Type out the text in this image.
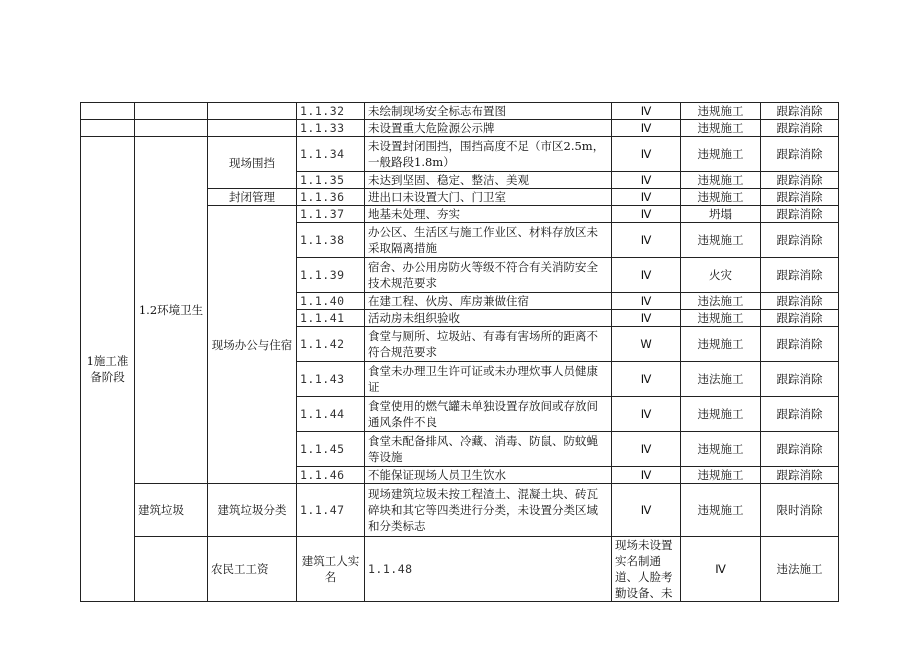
			1.1.32	未绘制现场安全标志布置图	Ⅳ	违规施工	跟踪消除	
			1.1.33	未设置重大危险源公示牌	Ⅳ	违规施工	跟踪消除	
1施工准备阶段	1.2环境卫生	现场围挡	1.1.34	未设置封闭围挡，围挡高度不足（市区2.5m，一般路段1.8m）	Ⅳ	违规施工	跟踪消除	
			1.1.35	未达到坚固、稳定、整洁、美观	Ⅳ	违规施工	跟踪消除	
		封闭管理	1.1.36	进出口未设置大门、门卫室	Ⅳ	违规施工	跟踪消除	
		现场办公与住宿	1.1.37	地基未处理、夯实	Ⅳ	坍塌	跟踪消除	
			1.1.38	办公区、生活区与施工作业区、材料存放区未采取隔离措施	Ⅳ	违规施工	跟踪消除	
			1.1.39	宿舍、办公用房防火等级不符合有关消防安全技术规范要求	Ⅳ	火灾	跟踪消除	
			1.1.40	在建工程、伙房、库房兼做住宿	Ⅳ	违法施工	跟踪消除	
			1.1.41	活动房未组织验收	Ⅳ	违规施工	跟踪消除	
			1.1.42	食堂与厕所、垃圾站、有毒有害场所的距离不符合规范要求	W	违规施工	跟踪消除	
			1.1.43	食堂未办理卫生许可证或未办理炊事人员健康证	Ⅳ	违法施工	跟踪消除	
			1.1.44	食堂使用的燃气罐未单独设置存放间或存放间通风条件不良	Ⅳ	违规施工	跟踪消除	
			1.1.45	食堂未配备排风、冷藏、消毒、防鼠、防蚊蝇等设施	Ⅳ	违规施工	跟踪消除	
			1.1.46	不能保证现场人员卫生饮水	Ⅳ	违规施工	跟踪消除	
	建筑垃圾	建筑垃圾分类	1.1.47	现场建筑垃圾未按工程渣土、混凝土块、砖瓦碎块和其它等四类进行分类，未设置分类区域和分类标志	Ⅳ	违规施工	限时消除	
		农民工工资	建筑工人实名	1.1.48	现场未设置实名制通道、人脸考勤设备、未	Ⅳ	违法施工	
